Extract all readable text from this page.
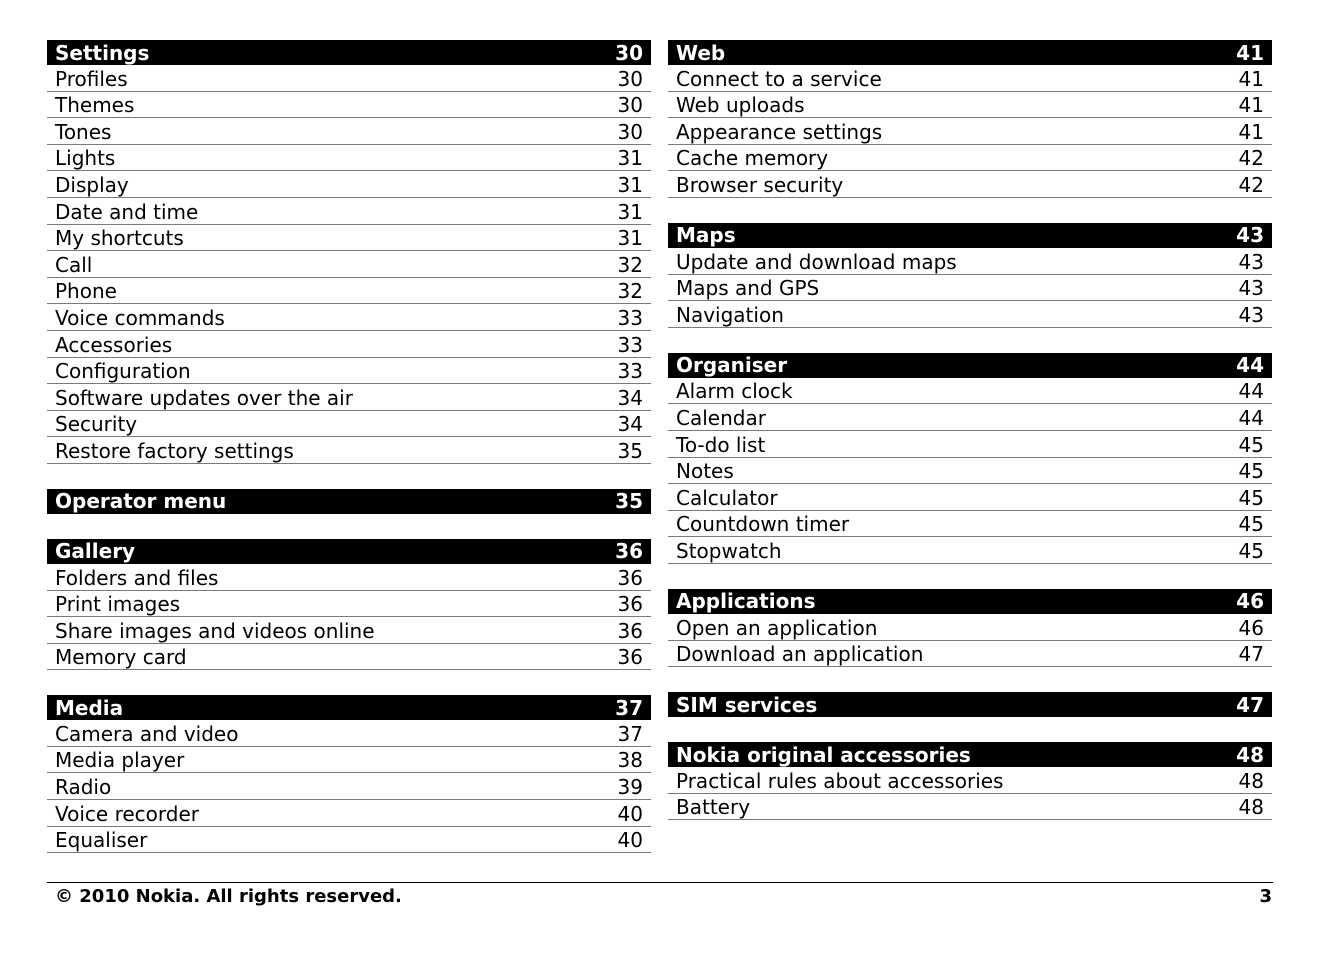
Settings	30
Profiles	30
Themes	30
Tones	30
Lights	31
Display	31
Date and time	31
My shortcuts	31
Call	32
Phone	32
Voice commands	33
Accessories	33
Configuration	33
Software updates over the air	34
Security	34
Restore factory settings	35
Operator menu	35
Gallery	36
Folders and files	36
Print images	36
Share images and videos online	36
Memory card	36
Media	37
Camera and video	37
Media player	38
Radio	39
Voice recorder	40
Equaliser	40
Web	41
Connect to a service	41
Web uploads	41
Appearance settings	41
Cache memory	42
Browser security	42
Maps	43
Update and download maps	43
Maps and GPS	43
Navigation	43
Organiser	44
Alarm clock	44
Calendar	44
To-do list	45
Notes	45
Calculator	45
Countdown timer	45
Stopwatch	45
Applications	46
Open an application	46
Download an application	47
SIM services	47
Nokia original accessories	48
Practical rules about accessories	48
Battery	48
© 2010 Nokia. All rights reserved.	3
